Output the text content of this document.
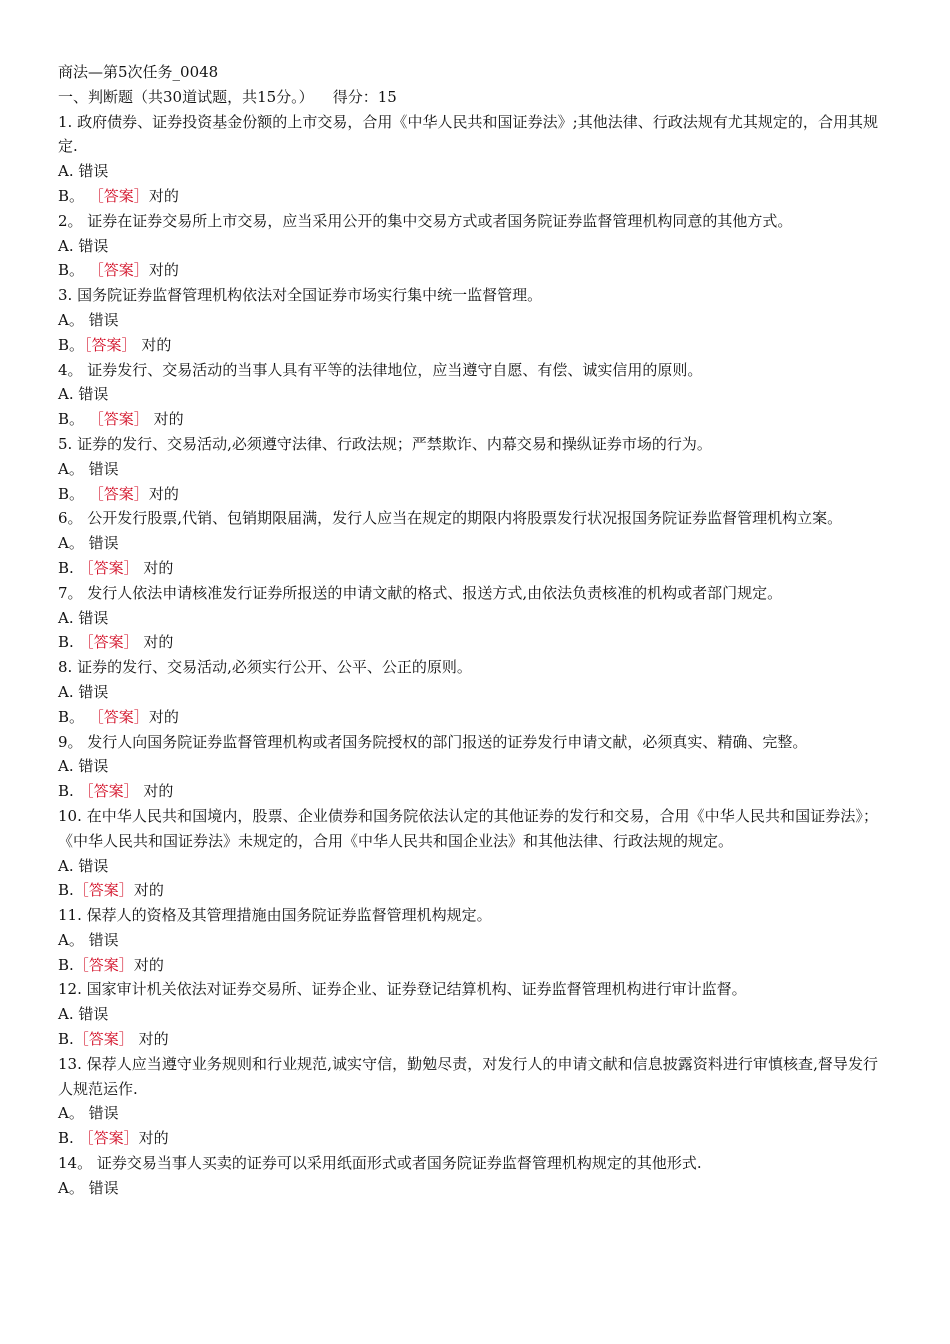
商法—第5次任务_0048

一、判断题（共30道试题，共15分。）    得分：15

1. 政府债券、证券投资基金份额的上市交易，合用《中华人民共和国证券法》;其他法律、行政法规有尤其规定的，合用其规定.

A. 错误

B。 ［答案］对的

2。 证券在证券交易所上市交易，应当采用公开的集中交易方式或者国务院证券监督管理机构同意的其他方式。

A. 错误

B。 ［答案］对的

3. 国务院证券监督管理机构依法对全国证券市场实行集中统一监督管理。

A。 错误

B。［答案］ 对的

4。 证券发行、交易活动的当事人具有平等的法律地位，应当遵守自愿、有偿、诚实信用的原则。

A. 错误

B。 ［答案］ 对的

5. 证券的发行、交易活动,必须遵守法律、行政法规；严禁欺诈、内幕交易和操纵证券市场的行为。

A。 错误

B。 ［答案］对的

6。 公开发行股票,代销、包销期限届满，发行人应当在规定的期限内将股票发行状况报国务院证券监督管理机构立案。

A。 错误

B. ［答案］ 对的

7。 发行人依法申请核准发行证券所报送的申请文献的格式、报送方式,由依法负责核准的机构或者部门规定。

A. 错误

B. ［答案］ 对的

8. 证券的发行、交易活动,必须实行公开、公平、公正的原则。

A. 错误

B。 ［答案］对的

9。 发行人向国务院证券监督管理机构或者国务院授权的部门报送的证券发行申请文献，必须真实、精确、完整。

A. 错误

B. ［答案］ 对的

10. 在中华人民共和国境内，股票、企业债券和国务院依法认定的其他证券的发行和交易，合用《中华人民共和国证券法》；《中华人民共和国证券法》未规定的，合用《中华人民共和国企业法》和其他法律、行政法规的规定。

A. 错误

B.［答案］对的

11. 保荐人的资格及其管理措施由国务院证券监督管理机构规定。

A。 错误

B.［答案］对的

12. 国家审计机关依法对证券交易所、证券企业、证券登记结算机构、证券监督管理机构进行审计监督。

A. 错误

B.［答案］ 对的

13. 保荐人应当遵守业务规则和行业规范,诚实守信，勤勉尽责，对发行人的申请文献和信息披露资料进行审慎核查,督导发行人规范运作.

A。 错误

B. ［答案］对的

14。 证券交易当事人买卖的证券可以采用纸面形式或者国务院证券监督管理机构规定的其他形式.

A。 错误
